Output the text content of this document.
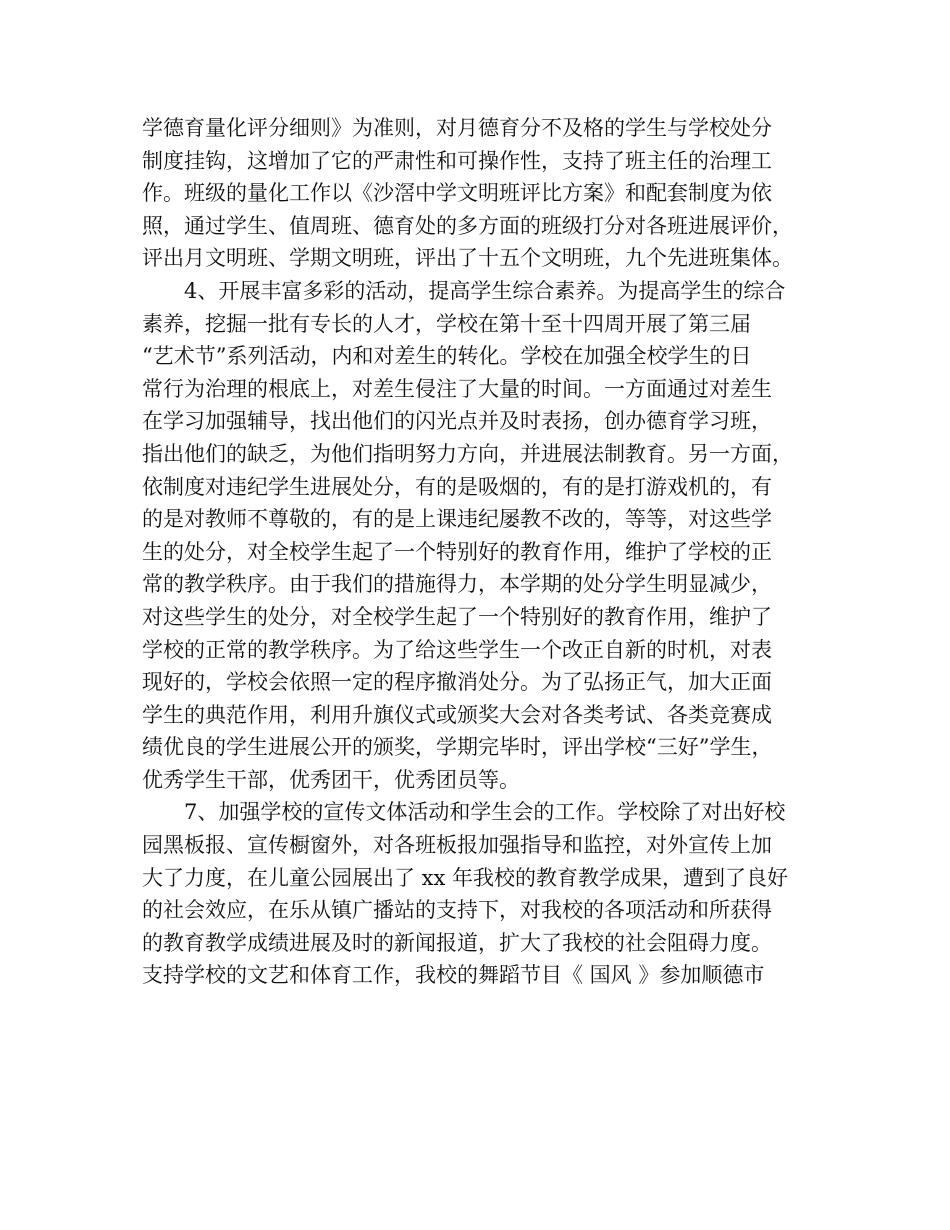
学德育量化评分细则》为准则，对月德育分不及格的学生与学校处分
制度挂钩，这增加了它的严肃性和可操作性，支持了班主任的治理工
作。班级的量化工作以《沙滘中学文明班评比方案》和配套制度为依
照，通过学生、值周班、德育处的多方面的班级打分对各班进展评价，
评出月文明班、学期文明班，评出了十五个文明班，九个先进班集体。
4、开展丰富多彩的活动，提高学生综合素养。为提高学生的综合
素养，挖掘一批有专长的人才，学校在第十至十四周开展了第三届
“艺术节”系列活动，内和对差生的转化。学校在加强全校学生的日
常行为治理的根底上，对差生侵注了大量的时间。一方面通过对差生
在学习加强辅导，找出他们的闪光点并及时表扬，创办德育学习班，
指出他们的缺乏，为他们指明努力方向，并进展法制教育。另一方面，
依制度对违纪学生进展处分，有的是吸烟的，有的是打游戏机的，有
的是对教师不尊敬的，有的是上课违纪屡教不改的，等等，对这些学
生的处分，对全校学生起了一个特别好的教育作用，维护了学校的正
常的教学秩序。由于我们的措施得力，本学期的处分学生明显减少，
对这些学生的处分，对全校学生起了一个特别好的教育作用，维护了
学校的正常的教学秩序。为了给这些学生一个改正自新的时机，对表
现好的，学校会依照一定的程序撤消处分。为了弘扬正气，加大正面
学生的典范作用，利用升旗仪式或颁奖大会对各类考试、各类竞赛成
绩优良的学生进展公开的颁奖，学期完毕时，评出学校“三好”学生，
优秀学生干部，优秀团干，优秀团员等。
7、加强学校的宣传文体活动和学生会的工作。学校除了对出好校
园黑板报、宣传橱窗外，对各班板报加强指导和监控，对外宣传上加
大了力度，在儿童公园展出了 xx 年我校的教育教学成果，遭到了良好
的社会效应，在乐从镇广播站的支持下，对我校的各项活动和所获得
的教育教学成绩进展及时的新闻报道，扩大了我校的社会阻碍力度。
支持学校的文艺和体育工作，我校的舞蹈节目《 国风 》参加顺德市
